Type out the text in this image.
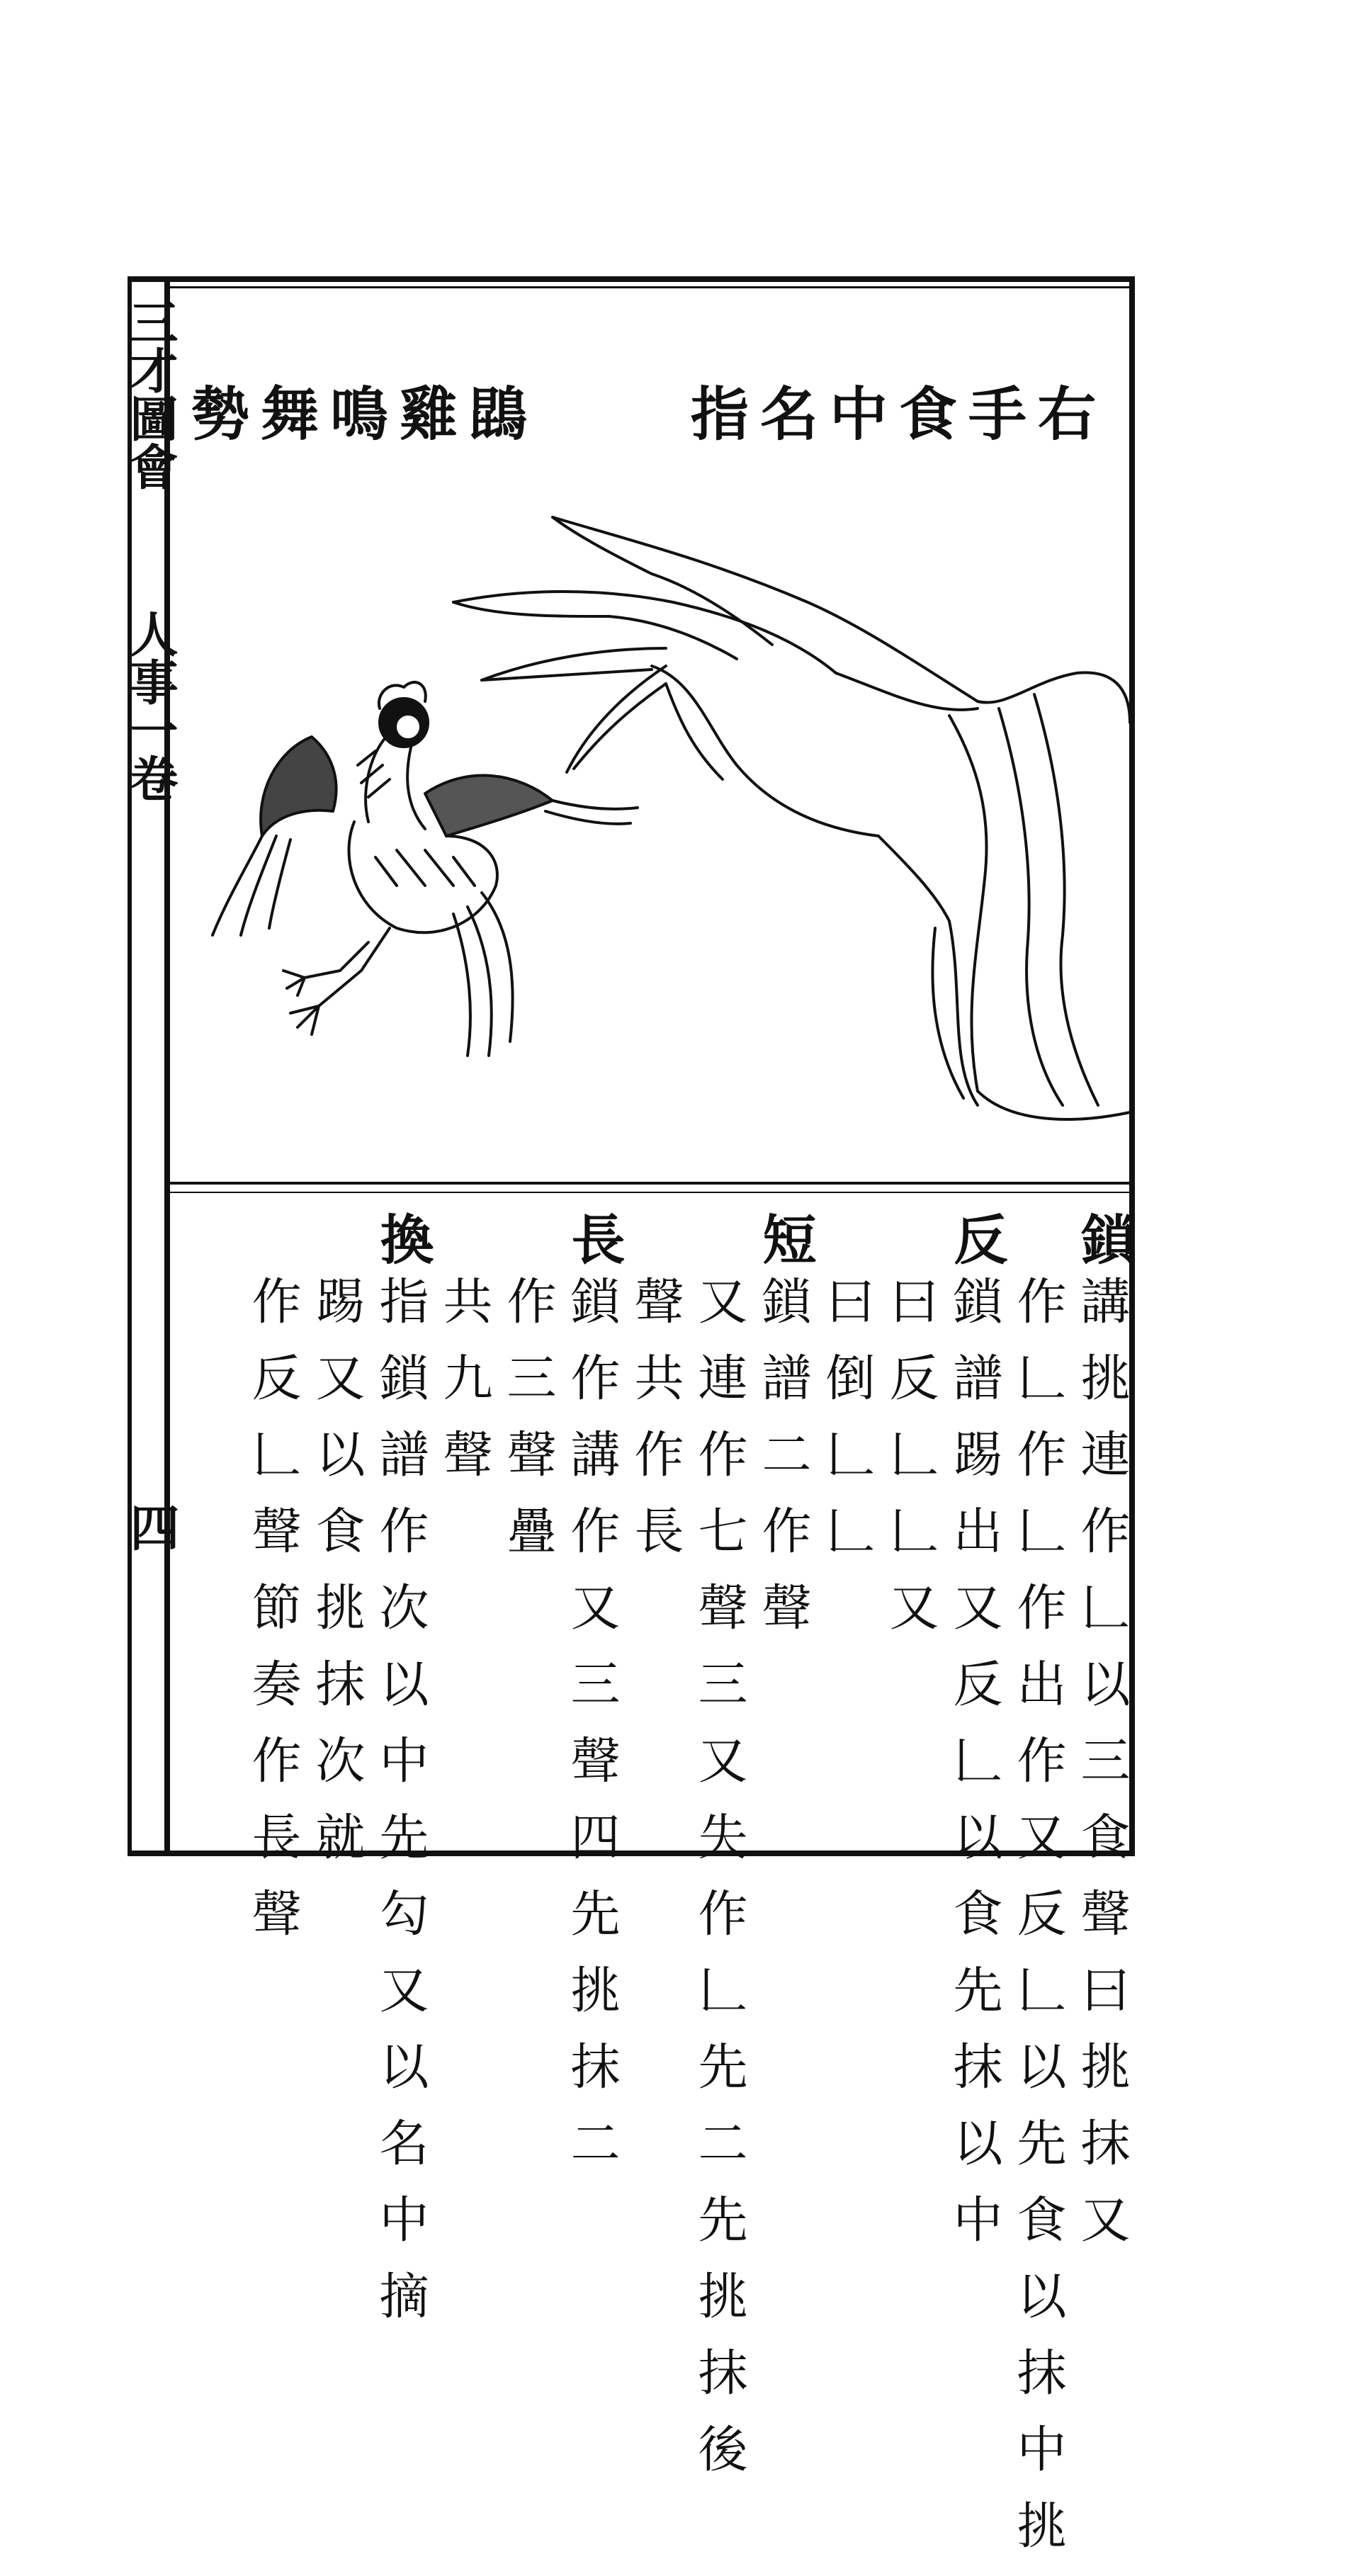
三才圖會
人事一卷
四
右手食中名指
鵾雞鳴舞勢
鎖
講挑連作𠃊以三食聲曰挑抹又
作𠃊作𠃊作出作又反𠃊以先食以抹中挑
反
鎖譜踢出又反𠃊以食先抹以中
曰反𠃊𠃊又
曰倒𠃊𠃊
短
鎖譜二作聲
又連作七聲三又失作𠃊先二先挑抹後
聲共作長
長
鎖作講作又三聲四先挑抹二
作三聲疊
共九聲
換
指鎖譜作次以中先勾又以名中摘
踢又以食挑抹次就
作反𠃊聲節奏作長聲
